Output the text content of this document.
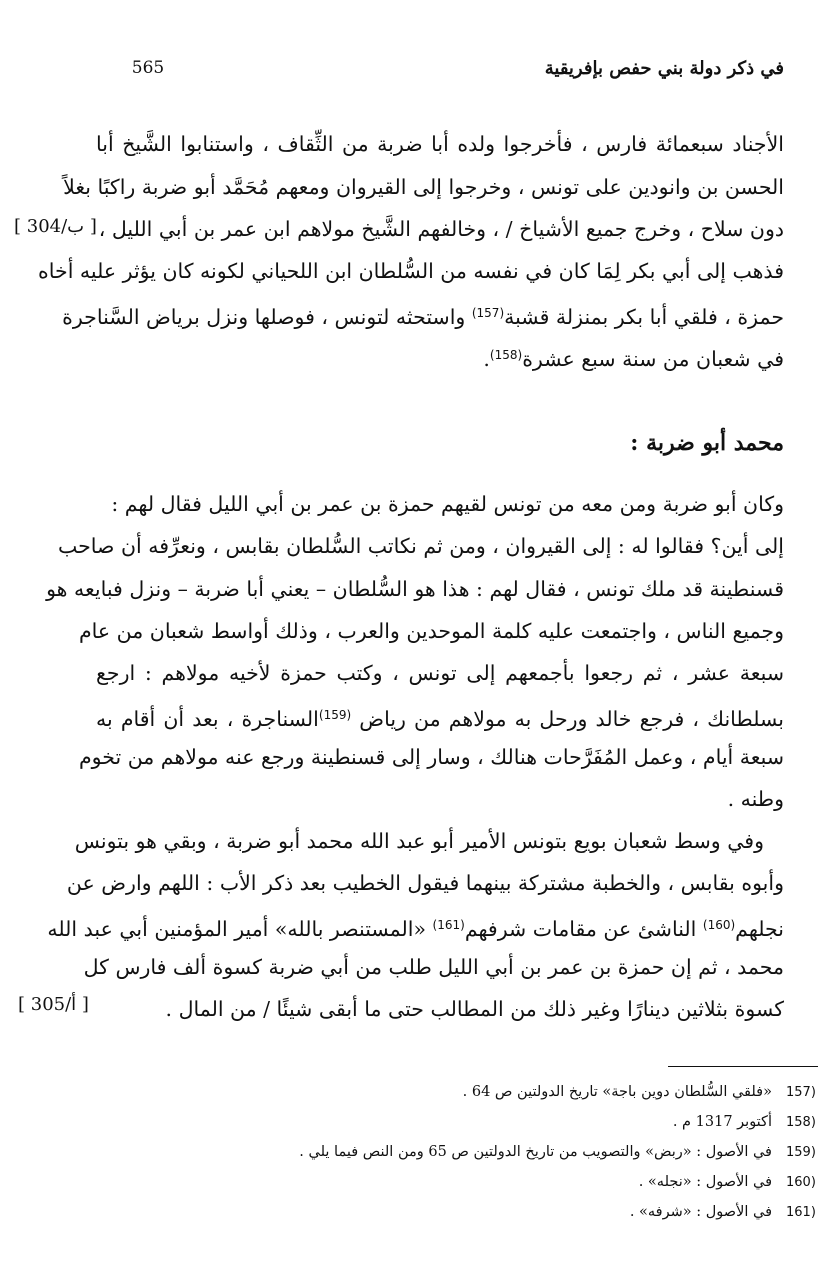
565	في ذكر دولة بني حفص بإفريقية
الأجناد سبعمائة فارس ، فأخرجوا ولده أبا ضربة من الثِّقاف ، واستنابوا الشَّيخ أبا
الحسن بن وانودين على تونس ، وخرجوا إلى القيروان ومعهم مُحَمَّد أبو ضربة راكبًا بغلاً
دون سلاح ، وخرج جميع الأشياخ / ، وخالفهم الشَّيخ مولاهم ابن عمر بن أبي الليل ،
فذهب إلى أبي بكر لِمَا كان في نفسه من السُّلطان ابن اللحياني لكونه كان يؤثر عليه أخاه
حمزة ، فلقي أبا بكر بمنزلة قشبة$^{(157)}$ واستحثه لتونس ، فوصلها ونزل برياض السَّناجرة
في شعبان من سنة سبع عشرة$^{(158)}$.
[ 304/ب ]
محمد أبو ضربة :
وكان أبو ضربة ومن معه من تونس لقيهم حمزة بن عمر بن أبي الليل فقال لهم :
إلى أين؟ فقالوا له : إلى القيروان ، ومن ثم نكاتب السُّلطان بقابس ، ونعرِّفه أن صاحب
قسنطينة قد ملك تونس ، فقال لهم : هذا هو السُّلطان – يعني أبا ضربة – ونزل فبايعه هو
وجميع الناس ، واجتمعت عليه كلمة الموحدين والعرب ، وذلك أواسط شعبان من عام
سبعة عشر ، ثم رجعوا بأجمعهم إلى تونس ، وكتب حمزة لأخيه مولاهم : ارجع
بسلطانك ، فرجع خالد ورحل به مولاهم من رياض $^{(159)}$السناجرة ، بعد أن أقام به
سبعة أيام ، وعمل المُفَرَّحات هنالك ، وسار إلى قسنطينة ورجع عنه مولاهم من تخوم
وطنه .
وفي وسط شعبان بويع بتونس الأمير أبو عبد الله محمد أبو ضربة ، وبقي هو بتونس
وأبوه بقابس ، والخطبة مشتركة بينهما فيقول الخطيب بعد ذكر الأب : اللهم وارض عن
نجلهم$^{(160)}$ الناشئ عن مقامات شرفهم$^{(161)}$ «المستنصر بالله» أمير المؤمنين أبي عبد الله
محمد ، ثم إن حمزة بن عمر بن أبي الليل طلب من أبي ضربة كسوة ألف فارس كل
كسوة بثلاثين دينارًا وغير ذلك من المطالب حتى ما أبقى شيئًا / من المال .
[ 305/أ ]
(157«فلقي السُّلطان دوين باجة» تاريخ الدولتين ص 64 .
(158أكتوبر 1317 م .
(159في الأصول : «ربض» والتصويب من تاريخ الدولتين ص 65 ومن النص فيما يلي .
(160في الأصول : «نجله» .
(161في الأصول : «شرفه» .
